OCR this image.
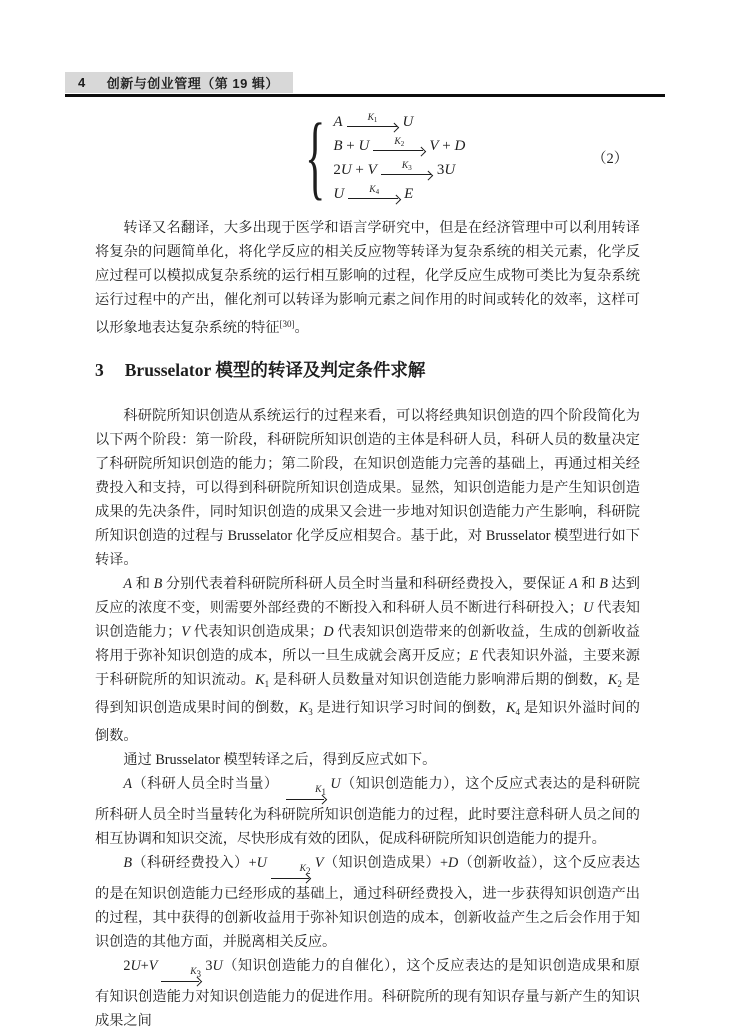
4 创新与创业管理（第 19 辑）
{ A	$K_1$ U
B + U	$K_2$ V + D
2 U + V	$K_3$ 3 U
U	$K_4$ E
（2）

转译又名翻译，大多出现于医学和语言学研究中，但是在经济管理中可以利用转译将复杂的问题简单化，将化学反应的相关反应物等转译为复杂系统的相关元素，化学反应过程可以模拟成复杂系统的运行相互影响的过程，化学反应生成物可类比为复杂系统运行过程中的产出，催化剂可以转译为影响元素之间作用的时间或转化的效率，这样可以形象地表达复杂系统的特征[30]。

3 Brusselator 模型的转译及判定条件求解

科研院所知识创造从系统运行的过程来看，可以将经典知识创造的四个阶段简化为以下两个阶段：第一阶段，科研院所知识创造的主体是科研人员，科研人员的数量决定了科研院所知识创造的能力；第二阶段，在知识创造能力完善的基础上，再通过相关经费投入和支持，可以得到科研院所知识创造成果。显然，知识创造能力是产生知识创造成果的先决条件，同时知识创造的成果又会进一步地对知识创造能力产生影响，科研院所知识创造的过程与 Brusselator 化学反应相契合。基于此，对 Brusselator 模型进行如下转译。

A 和 B 分别代表着科研院所科研人员全时当量和科研经费投入，要保证 A 和 B 达到反应的浓度不变，则需要外部经费的不断投入和科研人员不断进行科研投入；U 代表知识创造能力；V 代表知识创造成果；D 代表知识创造带来的创新收益，生成的创新收益将用于弥补知识创造的成本，所以一旦生成就会离开反应；E 代表知识外溢，主要来源于科研院所的知识流动。$K_1$ 是科研人员数量对知识创造能力影响滞后期的倒数，$K_2$ 是得到知识创造成果时间的倒数，$K_3$ 是进行知识学习时间的倒数，$K_4$ 是知识外溢时间的倒数。

通过 Brusselator 模型转译之后，得到反应式如下。

A（科研人员全时当量）	$K_1$ U（知识创造能力），这个反应式表达的是科研院所科研人员全时当量转化为科研院所知识创造能力的过程，此时要注意科研人员之间的相互协调和知识交流，尽快形成有效的团队，促成科研院所知识创造能力的提升。

B（科研经费投入）+U	$K_2$ V（知识创造成果）+D（创新收益），这个反应表达的是在知识创造能力已经形成的基础上，通过科研经费投入，进一步获得知识创造产出的过程，其中获得的创新收益用于弥补知识创造的成本，创新收益产生之后会作用于知识创造的其他方面，并脱离相关反应。

2U+V	$K_3$ 3U（知识创造能力的自催化），这个反应表达的是知识创造成果和原有知识创造能力对知识创造能力的促进作用。科研院所的现有知识存量与新产生的知识成果之间
